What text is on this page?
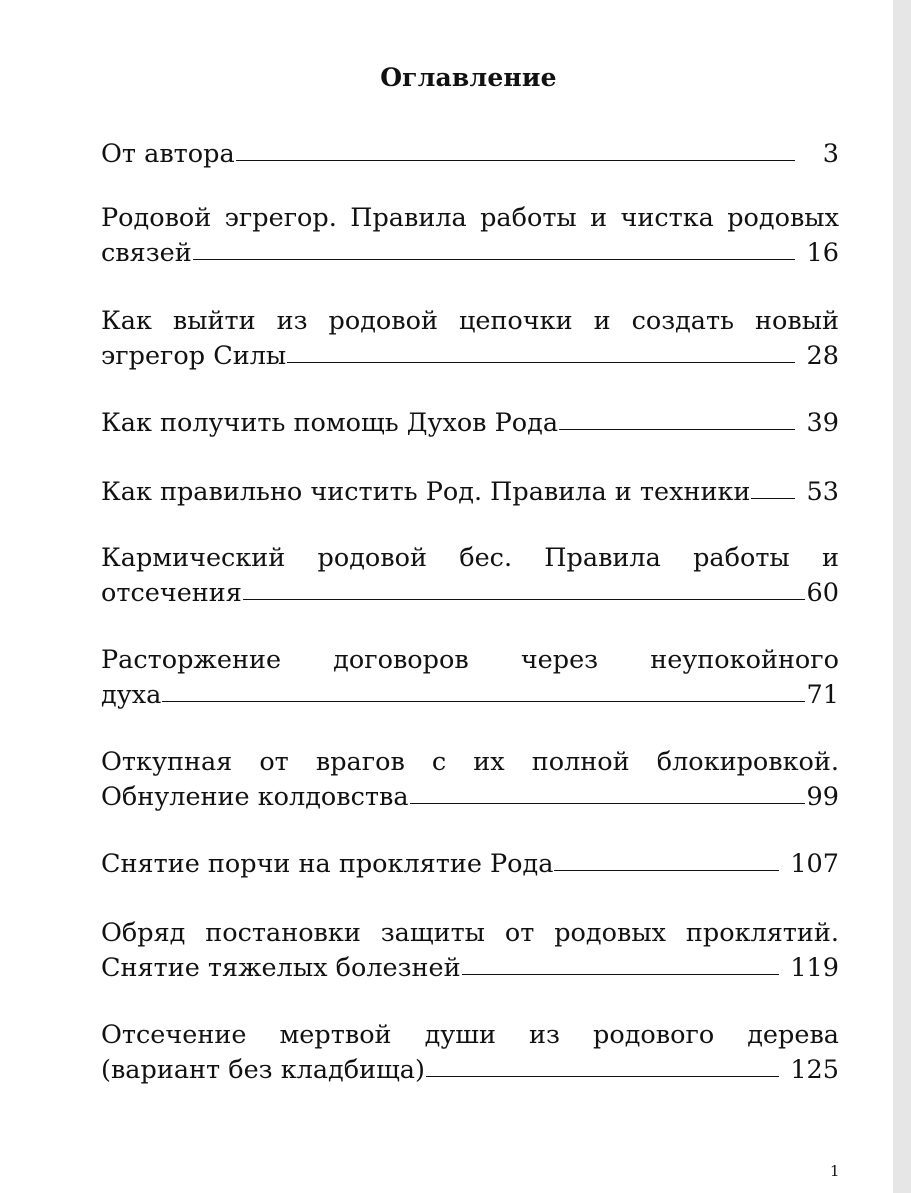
Оглавление
От автора	3
Родовой эгрегор. Правила работы и чистка родовых
связей	16
Как выйти из родовой цепочки и создать новый
эгрегор Силы	28
Как получить помощь Духов Рода	39
Как правильно чистить Род. Правила и техники 53
Кармический родовой бес. Правила работы и
отсечения	60
Расторжение договоров через неупокойного
духа	71
Откупная от врагов с их полной блокировкой.
Обнуление колдовства	99
Снятие порчи на проклятие Рода	107
Обряд постановки защиты от родовых проклятий.
Снятие тяжелых болезней	119
Отсечение мертвой души из родового дерева
(вариант без кладбища)	125
1
